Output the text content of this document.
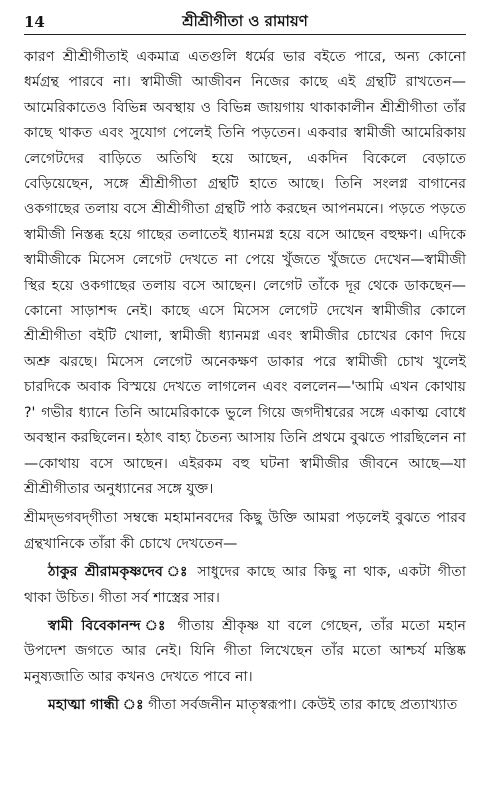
14	শ্রীশ্রীগীতা ও রামায়ণ

কারণ শ্রীশ্রীগীতাই একমাত্র এতগুলি ধর্মের ভার বইতে পারে, অন্য কোনো ধর্মগ্রন্থ পারবে না। স্বামীজী আজীবন নিজের কাছে এই গ্রন্থটি রাখতেন—আমেরিকাতেও বিভিন্ন অবস্থায় ও বিভিন্ন জায়গায় থাকাকালীন শ্রীশ্রীগীতা তাঁর কাছে থাকত এবং সুযোগ পেলেই তিনি পড়তেন। একবার স্বামীজী আমেরিকায় লেগেটদের বাড়িতে অতিথি হয়ে আছেন, একদিন বিকেলে বেড়াতে বেড়িয়েছেন, সঙ্গে শ্রীশ্রীগীতা গ্রন্থটি হাতে আছে। তিনি সংলগ্ন বাগানের ওকগাছের তলায় বসে শ্রীশ্রীগীতা গ্রন্থটি পাঠ করছেন আপনমনে। পড়তে পড়তে স্বামীজী নিস্তব্ধ হয়ে গাছের তলাতেই ধ্যানমগ্ন হয়ে বসে আছেন বহুক্ষণ। এদিকে স্বামীজীকে মিসেস লেগেট দেখতে না পেয়ে খুঁজতে খুঁজতে দেখেন—স্বামীজী স্থির হয়ে ওকগাছের তলায় বসে আছেন। লেগেট তাঁকে দূর থেকে ডাকছেন— কোনো সাড়াশব্দ নেই। কাছে এসে মিসেস লেগেট দেখেন স্বামীজীর কোলে শ্রীশ্রীগীতা বইটি খোলা, স্বামীজী ধ্যানমগ্ন এবং স্বামীজীর চোখের কোণ দিয়ে অশ্রু ঝরছে। মিসেস লেগেট অনেকক্ষণ ডাকার পরে স্বামীজী চোখ খুলেই চারদিকে অবাক বিস্ময়ে দেখতে লাগলেন এবং বললেন—'আমি এখন কোথায় ?' গভীর ধ্যানে তিনি আমেরিকাকে ভুলে গিয়ে জগদীশ্বরের সঙ্গে একাত্ম বোধে অবস্থান করছিলেন। হঠাৎ বাহ্য চৈতন্য আসায় তিনি প্রথমে বুঝতে পারছিলেন না—কোথায় বসে আছেন। এইরকম বহু ঘটনা স্বামীজীর জীবনে আছে—যা শ্রীশ্রীগীতার অনুধ্যানের সঙ্গে যুক্ত।

শ্রীমদ্‌ভগবদ্‌গীতা সম্বন্ধে মহামানবদের কিছু উক্তি আমরা পড়লেই বুঝতে পারব গ্রন্থখানিকে তাঁরা কী চোখে দেখতেন—

ঠাকুর শ্রীরামকৃষ্ণদেব ঃ সাধুদের কাছে আর কিছু না থাক, একটা গীতা থাকা উচিত। গীতা সর্ব শাস্ত্রের সার।

স্বামী বিবেকানন্দ ঃ গীতায় শ্রীকৃষ্ণ যা বলে গেছেন, তাঁর মতো মহান উপদেশ জগতে আর নেই। যিনি গীতা লিখেছেন তাঁর মতো আশ্চর্য মস্তিষ্ক মনুষ্যজাতি আর কখনও দেখতে পাবে না।

মহাত্মা গান্ধী ঃ গীতা সর্বজনীন মাতৃস্বরূপা। কেউই তার কাছে প্রত্যাখ্যাত
